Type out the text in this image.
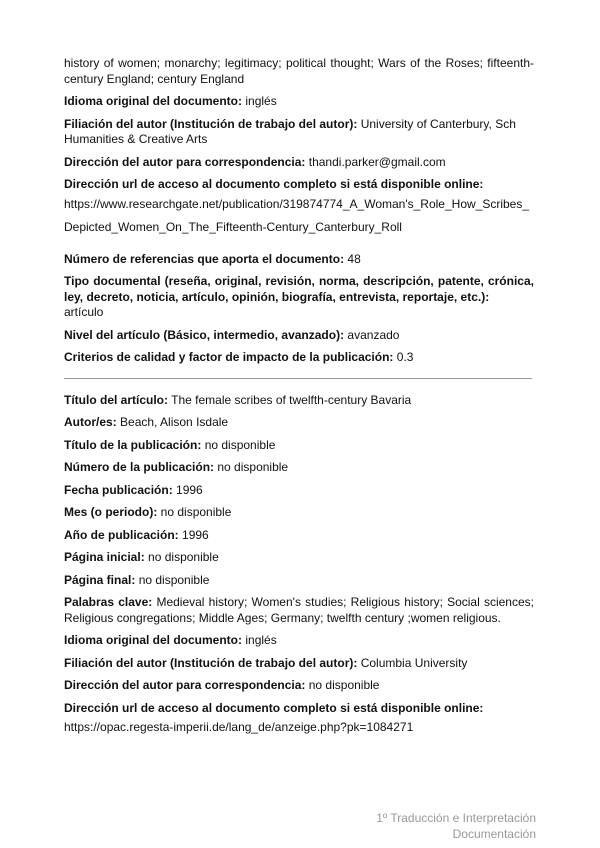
history of women; monarchy; legitimacy; political thought; Wars of the Roses; fifteenth-century England; century England
Idioma original del documento: inglés
Filiación del autor (Institución de trabajo del autor): University of Canterbury, Sch Humanities & Creative Arts
Dirección del autor para correspondencia: thandi.parker@gmail.com
Dirección url de acceso al documento completo si está disponible online:
https://www.researchgate.net/publication/319874774_A_Woman's_Role_How_Scribes_
Depicted_Women_On_The_Fifteenth-Century_Canterbury_Roll
Número de referencias que aporta el documento: 48
Tipo documental (reseña, original, revisión, norma, descripción, patente, crónica, ley, decreto, noticia, artículo, opinión, biografía, entrevista, reportaje, etc.):
artículo
Nivel del artículo (Básico, intermedio, avanzado): avanzado
Criterios de calidad y factor de impacto de la publicación: 0.3
Título del artículo: The female scribes of twelfth-century Bavaria
Autor/es: Beach, Alison Isdale
Título de la publicación: no disponible
Número de la publicación: no disponible
Fecha publicación: 1996
Mes (o periodo): no disponible
Año de publicación: 1996
Página inicial: no disponible
Página final: no disponible
Palabras clave: Medieval history; Women's studies; Religious history; Social sciences; Religious congregations; Middle Ages; Germany; twelfth century ;women religious.
Idioma original del documento: inglés
Filiación del autor (Institución de trabajo del autor): Columbia University
Dirección del autor para correspondencia: no disponible
Dirección url de acceso al documento completo si está disponible online:
https://opac.regesta-imperii.de/lang_de/anzeige.php?pk=1084271
1º Traducción e Interpretación
Documentación
